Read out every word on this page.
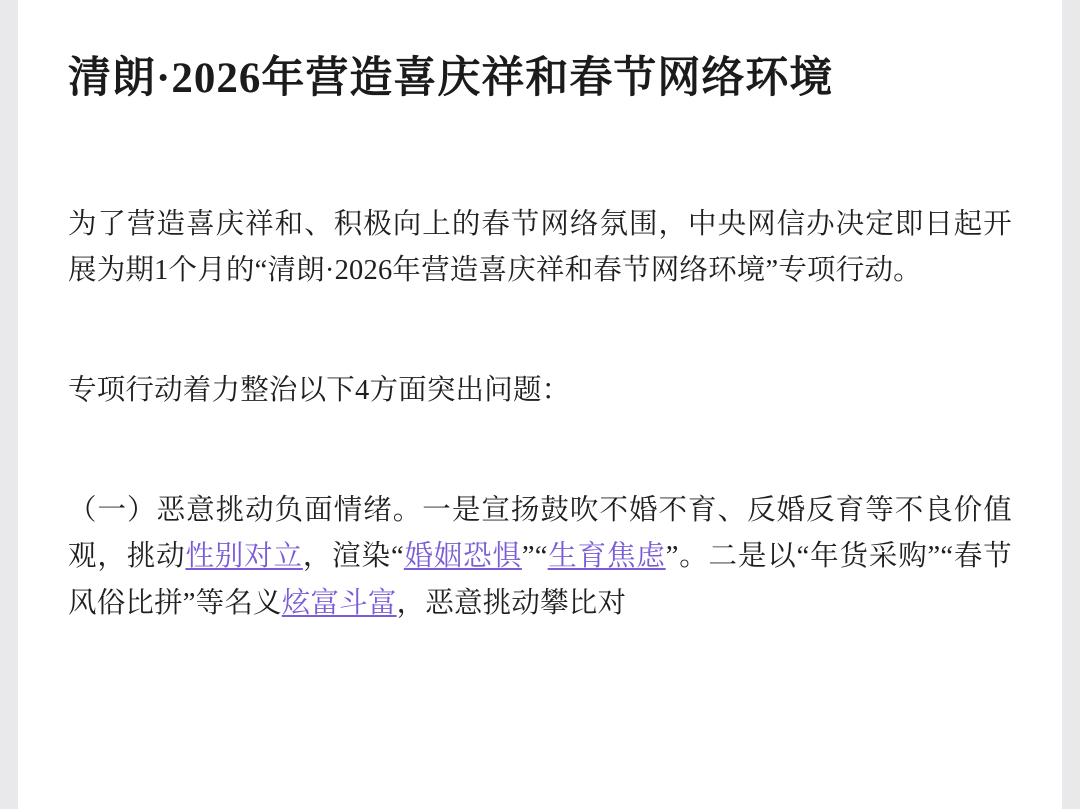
清朗·2026年营造喜庆祥和春节网络环境

为了营造喜庆祥和、积极向上的春节网络氛围，中央网信办决定即日起开展为期1个月的“清朗·2026年营造喜庆祥和春节网络环境”专项行动。

专项行动着力整治以下4方面突出问题：

（一）恶意挑动负面情绪。一是宣扬鼓吹不婚不育、反婚反育等不良价值观，挑动性别对立，渲染“婚姻恐惧”“生育焦虑”。二是以“年货采购”“春节风俗比拼”等名义炫富斗富，恶意挑动攀比对
